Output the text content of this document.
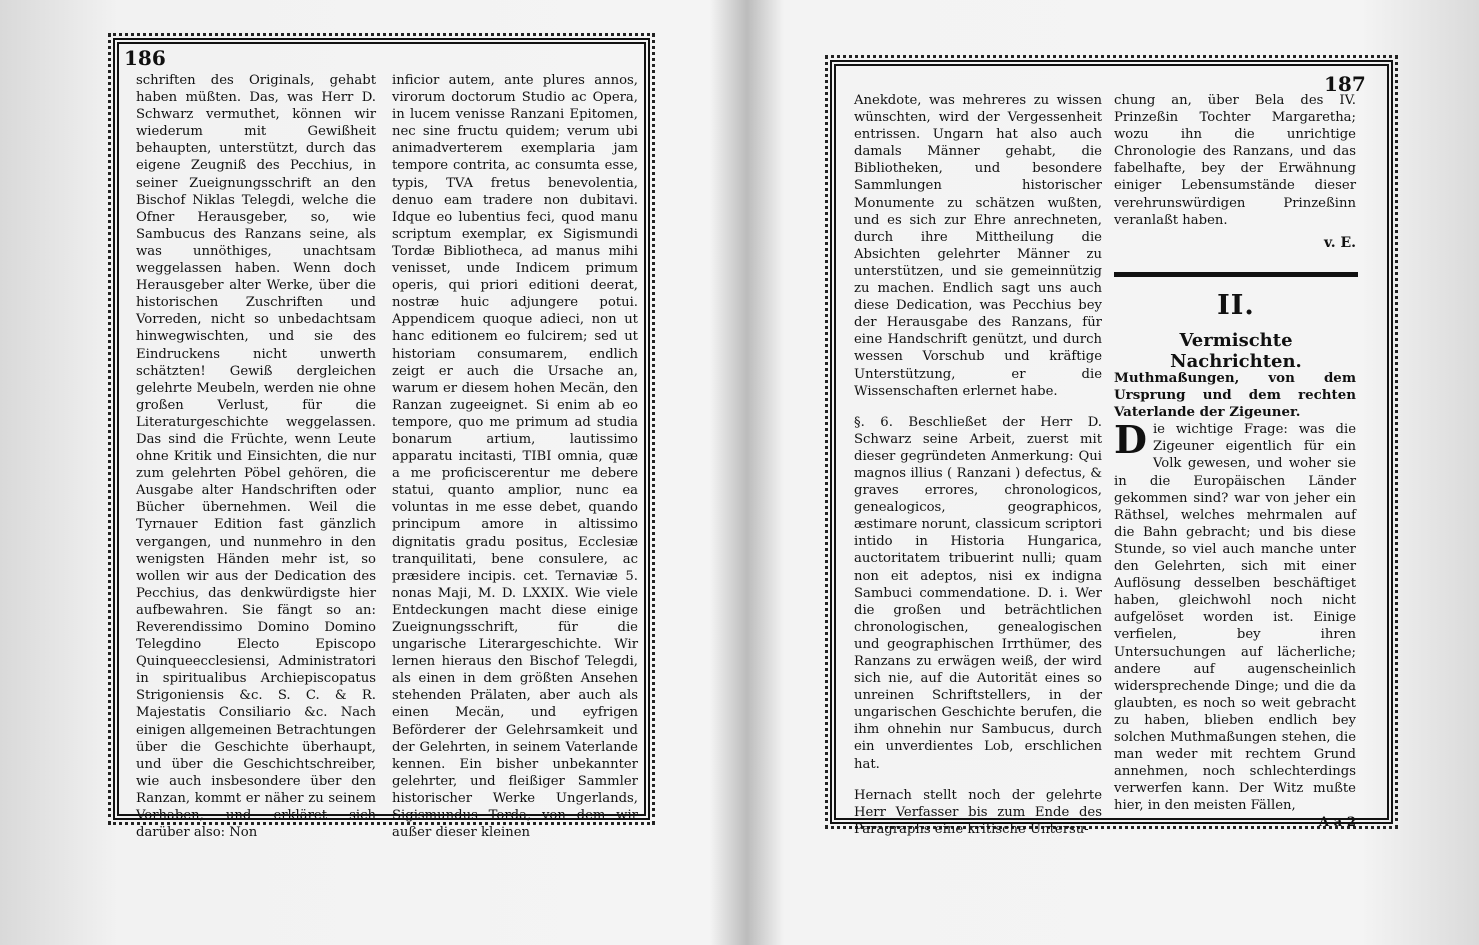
186

schriften des Originals, gehabt haben müßten. Das, was Herr D. Schwarz vermuthet, können wir wiederum mit Gewißheit behaupten, unterstützt, durch das eigene Zeugniß des Pecchius, in seiner Zueignungsschrift an den Bischof Niklas Telegdi, welche die Ofner Herausgeber, so, wie Sambucus des Ranzans seine, als was unnöthiges, unachtsam weggelassen haben. Wenn doch Herausgeber alter Werke, über die historischen Zuschriften und Vorreden, nicht so unbedachtsam hinwegwischten, und sie des Eindruckens nicht unwerth schätzten! Gewiß dergleichen gelehrte Meubeln, werden nie ohne großen Verlust, für die Literaturgeschichte weggelassen. Das sind die Früchte, wenn Leute ohne Kritik und Einsichten, die nur zum gelehrten Pöbel gehören, die Ausgabe alter Handschriften oder Bücher übernehmen. Weil die Tyrnauer Edition fast gänzlich vergangen, und nunmehro in den wenigsten Händen mehr ist, so wollen wir aus der Dedication des Pecchius, das denkwürdigste hier aufbewahren. Sie fängt so an: Reverendissimo Domino Domino Telegdino Electo Episcopo Quinqueecclesiensi, Administratori in spiritualibus Archiepiscopatus Strigoniensis &c. S. C. & R. Majestatis Consiliario &c. Nach einigen allgemeinen Betrachtungen über die Geschichte überhaupt, und über die Geschichtschreiber, wie auch insbesondere über den Ranzan, kommt er näher zu seinem Vorhaben, und erkläret sich darüber also: Non

inficior autem, ante plures annos, virorum doctorum Studio ac Opera, in lucem venisse Ranzani Epitomen, nec sine fructu quidem; verum ubi animadverterem exemplaria jam tempore contrita, ac consumta esse, typis, TVA fretus benevolentia, denuo eam tradere non dubitavi. Idque eo lubentius feci, quod manu scriptum exemplar, ex Sigismundi Tordæ Bibliotheca, ad manus mihi venisset, unde Indicem primum operis, qui priori editioni deerat, nostræ huic adjungere potui. Appendicem quoque adieci, non ut hanc editionem eo fulcirem; sed ut historiam consumarem, endlich zeigt er auch die Ursache an, warum er diesem hohen Mecän, den Ranzan zugeeignet. Si enim ab eo tempore, quo me primum ad studia bonarum artium, lautissimo apparatu incitasti, TIBI omnia, quæ a me proficiscerentur me debere statui, quanto amplior, nunc ea voluntas in me esse debet, quando principum amore in altissimo dignitatis gradu positus, Ecclesiæ tranquilitati, bene consulere, ac præsidere incipis. cet. Ternaviæ 5. nonas Maji, M. D. LXXIX. Wie viele Entdeckungen macht diese einige Zueignungsschrift, für die ungarische Literargeschichte. Wir lernen hieraus den Bischof Telegdi, als einen in dem größten Ansehen stehenden Prälaten, aber auch als einen Mecän, und eyfrigen Beförderer der Gelehrsamkeit und der Gelehrten, in seinem Vaterlande kennen. Ein bisher unbekannter gelehrter, und fleißiger Sammler historischer Werke Ungerlands, Sigismundus Torda, von dem wir außer dieser kleinen

187

Anekdote, was mehreres zu wissen wünschten, wird der Vergessenheit entrissen. Ungarn hat also auch damals Männer gehabt, die Bibliotheken, und besondere Sammlungen historischer Monumente zu schätzen wußten, und es sich zur Ehre anrechneten, durch ihre Mittheilung die Absichten gelehrter Männer zu unterstützen, und sie gemeinnützig zu machen. Endlich sagt uns auch diese Dedication, was Pecchius bey der Herausgabe des Ranzans, für eine Handschrift genützt, und durch wessen Vorschub und kräftige Unterstützung, er die Wissenschaften erlernet habe.

§. 6. Beschließet der Herr D. Schwarz seine Arbeit, zuerst mit dieser gegründeten Anmerkung: Qui magnos illius ( Ranzani ) defectus, & graves errores, chronologicos, genealogicos, geographicos, æstimare norunt, classicum scriptori intido in Historia Hungarica, auctoritatem tribuerint nulli; quam non eit adeptos, nisi ex indigna Sambuci commendatione. D. i. Wer die großen und beträchtlichen chronologischen, genealogischen und geographischen Irrthümer, des Ranzans zu erwägen weiß, der wird sich nie, auf die Autorität eines so unreinen Schriftstellers, in der ungarischen Geschichte berufen, die ihm ohnehin nur Sambucus, durch ein unverdientes Lob, erschlichen hat.

Hernach stellt noch der gelehrte Herr Verfasser bis zum Ende des Paragraphs eine kritische Untersu-

chung an, über Bela des IV. Prinzeßin Tochter Margaretha; wozu ihn die unrichtige Chronologie des Ranzans, und das fabelhafte, bey der Erwähnung einiger Lebensumstände dieser verehrunswürdigen Prinzeßinn veranlaßt haben.

v. E.
II.
Vermischte Nachrichten.

Muthmaßungen, von dem Ursprung und dem rechten Vaterlande der Zigeuner.

Die wichtige Frage: was die Zigeuner eigentlich für ein Volk gewesen, und woher sie in die Europäischen Länder gekommen sind? war von jeher ein Räthsel, welches mehrmalen auf die Bahn gebracht; und bis diese Stunde, so viel auch manche unter den Gelehrten, sich mit einer Auflösung desselben beschäftiget haben, gleichwohl noch nicht aufgelöset worden ist. Einige verfielen, bey ihren Untersuchungen auf lächerliche; andere auf augenscheinlich widersprechende Dinge; und die da glaubten, es noch so weit gebracht zu haben, blieben endlich bey solchen Muthmaßungen stehen, die man weder mit rechtem Grund annehmen, noch schlechterdings verwerfen kann. Der Witz mußte hier, in den meisten Fällen,

A a 2
